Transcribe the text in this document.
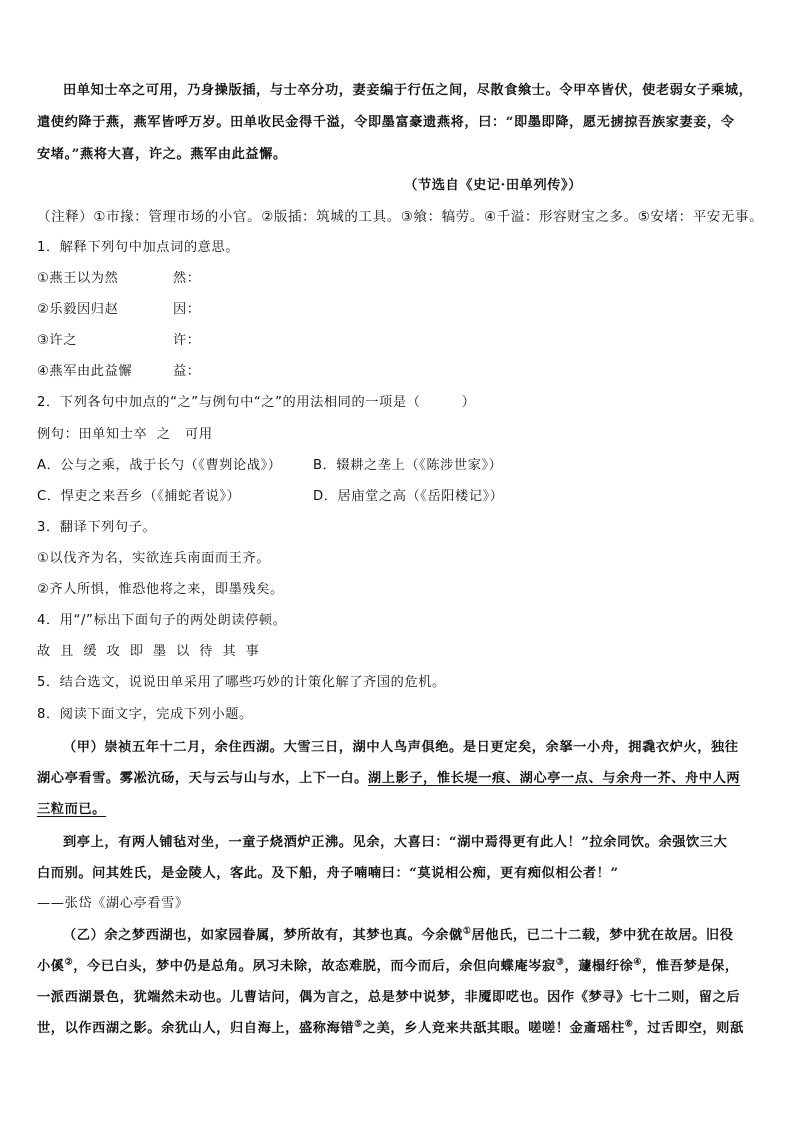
田单知士卒之可用，乃身操版插，与士卒分功，妻妾编于行伍之间，尽散食飨士。令甲卒皆伏，使老弱女子乘城，
遣使约降于燕，燕军皆呼万岁。田单收民金得千溢，令即墨富豪遗燕将，曰：“即墨即降，愿无掳掠吾族家妻妾，令
安堵。”燕将大喜，许之。燕军由此益懈。
（节选自《史记·田单列传》）
（注释）①市掾：管理市场的小官。②版插：筑城的工具。③飨：犒劳。④千溢：形容财宝之多。⑤安堵：平安无事。
1．解释下列句中加点词的意思。
①燕王以为然	然：
②乐毅因归赵	因：
③许之	许：
④燕军由此益懈	益：
2．下列各句中加点的“之”与例句中“之”的用法相同的一项是（　　　）
例句：田单知士卒  之   可用
A．公与之乘，战于长勺（《曹刿论战》） B．辍耕之垄上（《陈涉世家》）
C．悍吏之来吾乡（《捕蛇者说》）	D．居庙堂之高（《岳阳楼记》）
3．翻译下列句子。
①以伐齐为名，实欲连兵南面而王齐。
②齐人所惧，惟恐他将之来，即墨残矣。
4．用“/”标出下面句子的两处朗读停顿。
故且缓攻即墨以待其事
5．结合选文，说说田单采用了哪些巧妙的计策化解了齐国的危机。
8．阅读下面文字，完成下列小题。
（甲）崇祯五年十二月，余住西湖。大雪三日，湖中人鸟声俱绝。是日更定矣，余拏一小舟，拥毳衣炉火，独往
湖心亭看雪。雾凇沆砀，天与云与山与水，上下一白。湖上影子，惟长堤一痕、湖心亭一点、与余舟一芥、舟中人两
三粒而已。
到亭上，有两人铺毡对坐，一童子烧酒炉正沸。见余，大喜曰：“湖中焉得更有此人！”拉余同饮。余强饮三大
白而别。问其姓氏，是金陵人，客此。及下船，舟子喃喃曰：“莫说相公痴，更有痴似相公者！”
——张岱《湖心亭看雪》
（乙）余之梦西湖也，如家园眷属，梦所故有，其梦也真。今余僦①居他氏，已二十二载，梦中犹在故居。旧役
小傒②，今已白头，梦中仍是总角。夙习未除，故态难脱，而今而后，余但向蝶庵岑寂③，蘧榻纡徐④，惟吾梦是保，
一派西湖景色，犹端然未动也。儿曹诘问，偶为言之，总是梦中说梦，非魇即呓也。因作《梦寻》七十二则，留之后
世，以作西湖之影。余犹山人，归自海上，盛称海错⑤之美，乡人竞来共舐其眼。嗟嗟！金齑瑶柱⑥，过舌即空，则舐
